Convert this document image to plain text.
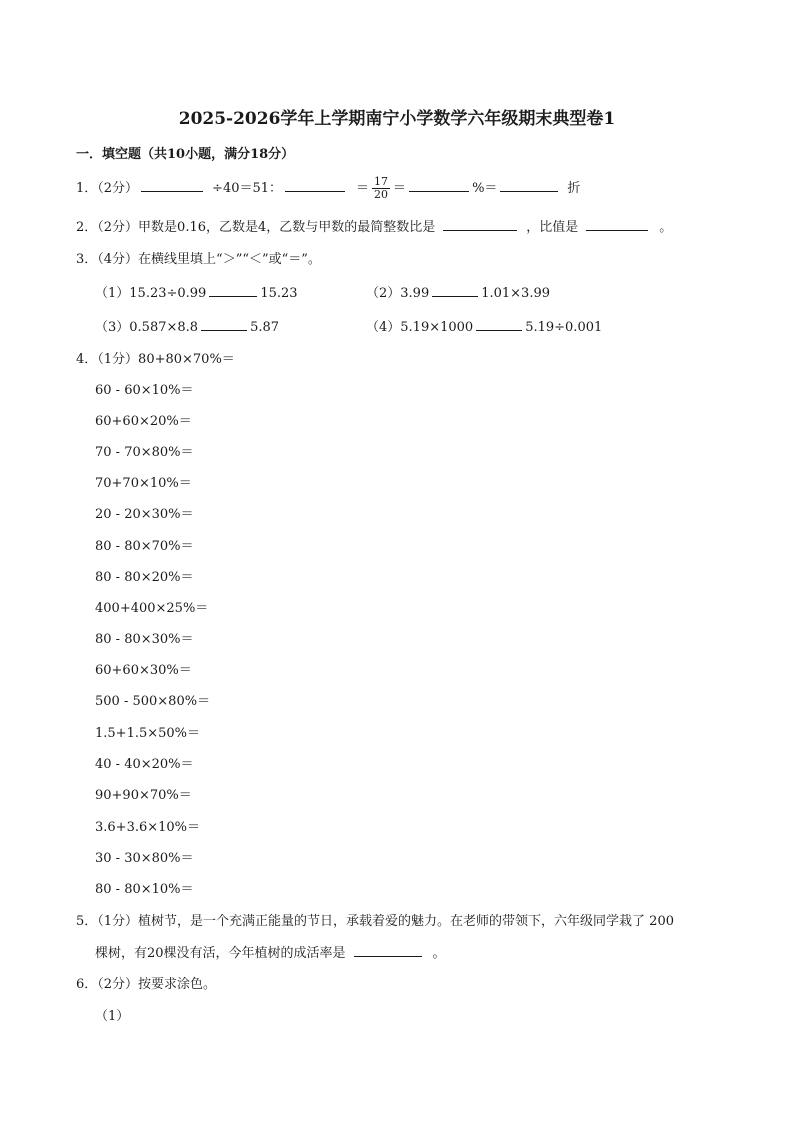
2025-2026学年上学期南宁小学数学六年级期末典型卷1
一．填空题（共10小题，满分18分）
1．（2分）	÷40＝51：	＝ $\frac{17}{20}$ ＝	%＝	折
2．（2分）甲数是0.16，乙数是4，乙数与甲数的最简整数比是	，比值是	。
3．（4分）在横线里填上“＞”“＜”或“＝”。
（1）15.23÷0.99	15.23	（2）3.99	1.01×3.99
（3）0.587×8.8	5.87	（4）5.19×1000	5.19÷0.001
4．（1分）80+80×70%＝
60 - 60×10%＝
60+60×20%＝
70 - 70×80%＝
70+70×10%＝
20 - 20×30%＝
80 - 80×70%＝
80 - 80×20%＝
400+400×25%＝
80 - 80×30%＝
60+60×30%＝
500 - 500×80%＝
1.5+1.5×50%＝
40 - 40×20%＝
90+90×70%＝
3.6+3.6×10%＝
30 - 30×80%＝
80 - 80×10%＝
5．（1分）植树节，是一个充满正能量的节日，承载着爱的魅力。在老师的带领下，六年级同学栽了 200
棵树，有20棵没有活，今年植树的成活率是	。
6．（2分）按要求涂色。
（1）
